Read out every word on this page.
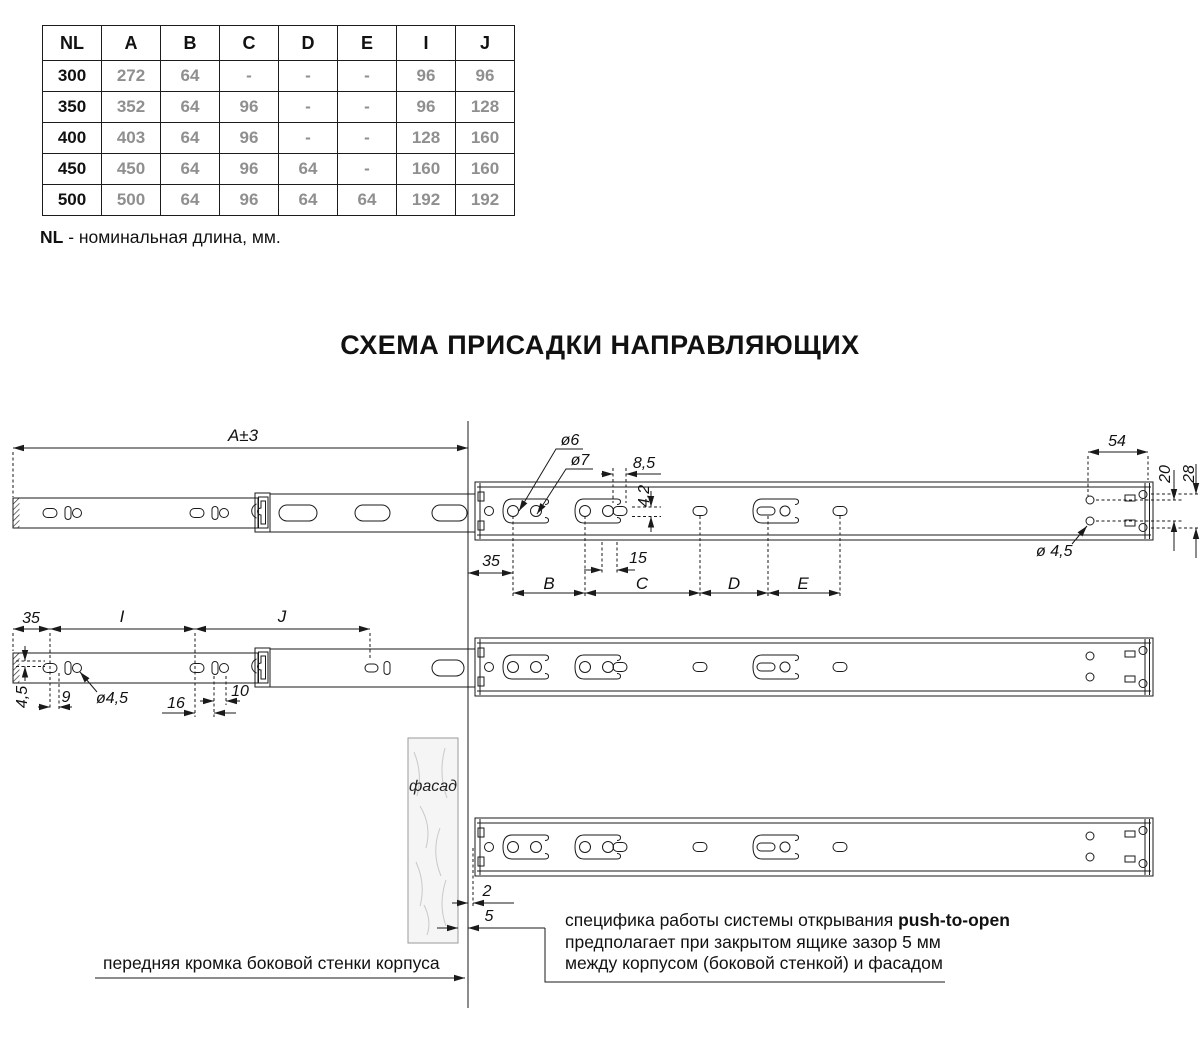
NL	A	B	C	D	E	I	J
300	272	64	-	-	-	96	96
350	352	64	96	-	-	96	128
400	403	64	96	-	-	128	160
450	450	64	96	64	-	160	160
500	500	64	96	64	64	192	192
NL - номинальная длина, мм.
СХЕМА ПРИСАДКИ НАПРАВЛЯЮЩИХ
A±3	ø6
ø7	8,5
4,2
54
20 28
ø 4,5
35	15
B	C	D	E
35	I	J
4,5 9 ø4,5 16
10
2
5
фасад
передняя кромка боковой стенки корпуса
специфика работы системы открывания push-to-open
предполагает при закрытом ящике зазор 5 мм
между корпусом (боковой стенкой) и фасадом
